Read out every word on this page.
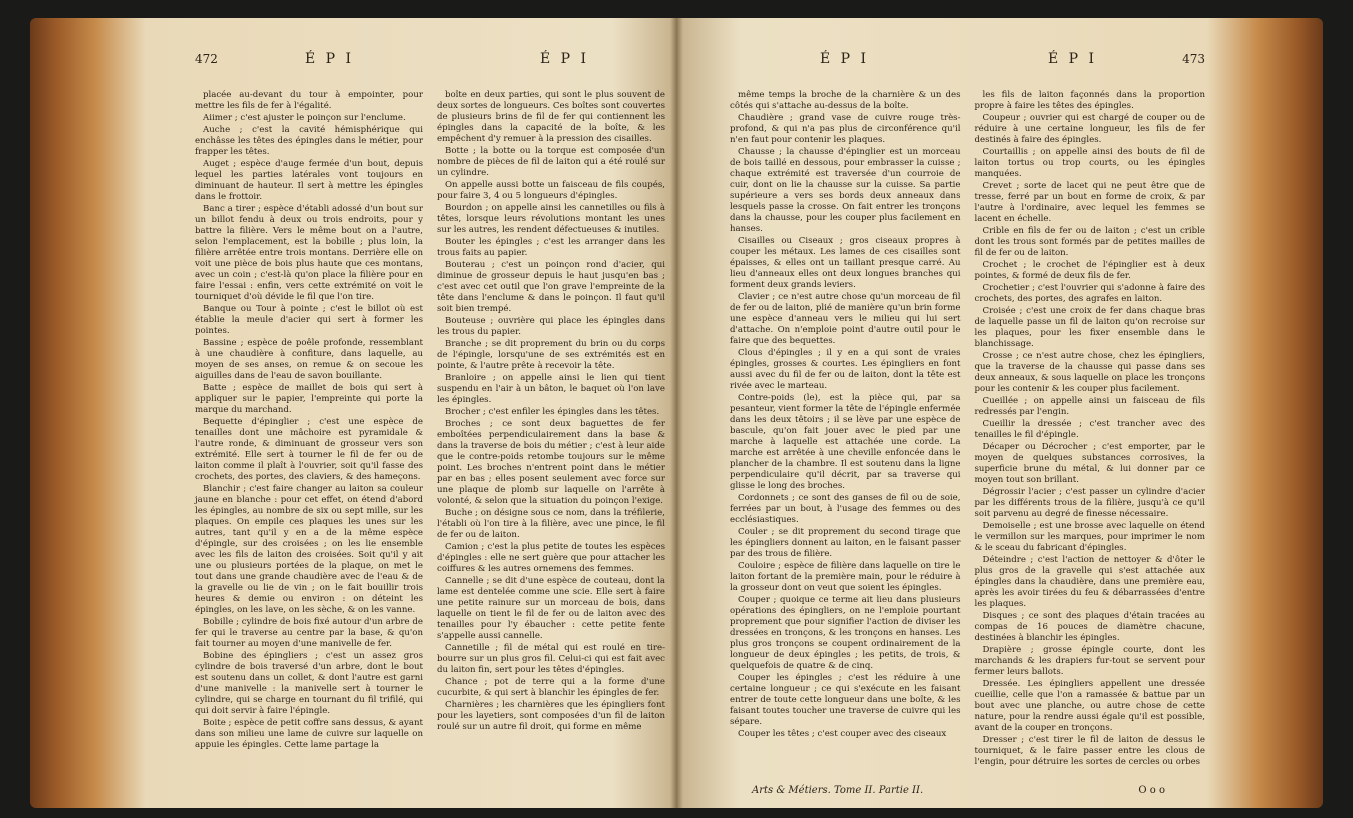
472	É P I	É P I

placée au-devant du tour à empointer, pour mettre les fils de fer à l'égalité.

Aiimer ; c'est ajuster le poinçon sur l'enclume.

Auche ; c'est la cavité hémisphérique qui enchâsse les têtes des épingles dans le métier, pour frapper les têtes.

Auget ; espèce d'auge fermée d'un bout, depuis lequel les parties latérales vont toujours en diminuant de hauteur. Il sert à mettre les épingles dans le frottoir.

Banc a tirer ; espèce d'établi adossé d'un bout sur un billot fendu à deux ou trois endroits, pour y battre la filière. Vers le même bout on a l'autre, selon l'emplacement, est la bobille ; plus loin, la filière arrêtée entre trois montans. Derrière elle on voit une pièce de bois plus haute que ces montans, avec un coin ; c'est-là qu'on place la filière pour en faire l'essai : enfin, vers cette extrémité on voit le tourniquet d'où dévide le fil que l'on tire.

Banque ou Tour à pointe ; c'est le billot où est établie la meule d'acier qui sert à former les pointes.

Bassine ; espèce de poêle profonde, ressemblant à une chaudière à confiture, dans laquelle, au moyen de ses anses, on remue & on secoue les aiguilles dans de l'eau de savon bouillante.

Batte ; espèce de maillet de bois qui sert à appliquer sur le papier, l'empreinte qui porte la marque du marchand.

Bequette d'épinglier ; c'est une espèce de tenailles dont une mâchoire est pyramidale & l'autre ronde, & diminuant de grosseur vers son extrémité. Elle sert à tourner le fil de fer ou de laiton comme il plaît à l'ouvrier, soit qu'il fasse des crochets, des portes, des claviers, & des hameçons.

Blanchir ; c'est faire changer au laiton sa couleur jaune en blanche : pour cet effet, on étend d'abord les épingles, au nombre de six ou sept mille, sur les plaques. On empile ces plaques les unes sur les autres, tant qu'il y en a de la même espèce d'épingle, sur des croisées ; on les lie ensemble avec les fils de laiton des croisées. Soit qu'il y ait une ou plusieurs portées de la plaque, on met le tout dans une grande chaudière avec de l'eau & de la gravelle ou lie de vin ; on le fait bouillir trois heures & demie ou environ : on déteint les épingles, on les lave, on les sèche, & on les vanne.

Bobille ; cylindre de bois fixé autour d'un arbre de fer qui le traverse au centre par la base, & qu'on fait tourner au moyen d'une manivelle de fer.

Bobine des épingliers ; c'est un assez gros cylindre de bois traversé d'un arbre, dont le bout est soutenu dans un collet, & dont l'autre est garni d'une manivelle : la manivelle sert à tourner le cylindre, qui se charge en tournant du fil trifilé, qui qui doit servir à faire l'épingle.

Boite ; espèce de petit coffre sans dessus, & ayant dans son milieu une lame de cuivre sur laquelle on appuie les épingles. Cette lame partage la

boîte en deux parties, qui sont le plus souvent de deux sortes de longueurs. Ces boîtes sont couvertes de plusieurs brins de fil de fer qui contiennent les épingles dans la capacité de la boîte, & les empêchent d'y remuer à la pression des cisailles.

Botte ; la botte ou la torque est composée d'un nombre de pièces de fil de laiton qui a été roulé sur un cylindre.

On appelle aussi botte un faisceau de fils coupés, pour faire 3, 4 ou 5 longueurs d'épingles.

Bourdon ; on appelle ainsi les cannetilles ou fils à têtes, lorsque leurs révolutions montant les unes sur les autres, les rendent défectueuses & inutiles.

Bouter les épingles ; c'est les arranger dans les trous faits au papier.

Bouterau ; c'est un poinçon rond d'acier, qui diminue de grosseur depuis le haut jusqu'en bas ; c'est avec cet outil que l'on grave l'empreinte de la tête dans l'enclume & dans le poinçon. Il faut qu'il soit bien trempé.

Bouteuse ; ouvrière qui place les épingles dans les trous du papier.

Branche ; se dit proprement du brin ou du corps de l'épingle, lorsqu'une de ses extrémités est en pointe, & l'autre prête à recevoir la tête.

Branloire ; on appelle ainsi le lien qui tient suspendu en l'air à un bâton, le baquet où l'on lave les épingles.

Brocher ; c'est enfiler les épingles dans les têtes.

Broches ; ce sont deux baguettes de fer emboîtées perpendiculairement dans la base & dans la traverse de bois du métier ; c'est à leur aide que le contre-poids retombe toujours sur le même point. Les broches n'entrent point dans le métier par en bas ; elles posent seulement avec force sur une plaque de plomb sur laquelle on l'arrête à volonté, & selon que la situation du poinçon l'exige.

Buche ; on désigne sous ce nom, dans la tréfilerie, l'établi où l'on tire à la filière, avec une pince, le fil de fer ou de laiton.

Camion ; c'est la plus petite de toutes les espèces d'épingles : elle ne sert guère que pour attacher les coiffures & les autres ornemens des femmes.

Cannelle ; se dit d'une espèce de couteau, dont la lame est dentelée comme une scie. Elle sert à faire une petite rainure sur un morceau de bois, dans laquelle on tient le fil de fer ou de laiton avec des tenailles pour l'y ébaucher : cette petite fente s'appelle aussi cannelle.

Cannetille ; fil de métal qui est roulé en tire-bourre sur un plus gros fil. Celui-ci qui est fait avec du laiton fin, sert pour les têtes d'épingles.

Chance ; pot de terre qui a la forme d'une cucurbite, & qui sert à blanchir les épingles de fer.

Charnières ; les charnières que les épingliers font pour les layetiers, sont composées d'un fil de laiton roulé sur un autre fil droit, qui forme en même

É P I	É P I	473

même temps la broche de la charnière & un des côtés qui s'attache au-dessus de la boîte.

Chaudière ; grand vase de cuivre rouge très-profond, & qui n'a pas plus de circonférence qu'il n'en faut pour contenir les plaques.

Chausse ; la chausse d'épinglier est un morceau de bois taillé en dessous, pour embrasser la cuisse ; chaque extrémité est traversée d'un courroie de cuir, dont on lie la chausse sur la cuisse. Sa partie supérieure a vers ses bords deux anneaux dans lesquels passe la crosse. On fait entrer les tronçons dans la chausse, pour les couper plus facilement en hanses.

Cisailles ou Ciseaux ; gros ciseaux propres à couper les métaux. Les lames de ces cisailles sont épaisses, & elles ont un taillant presque carré. Au lieu d'anneaux elles ont deux longues branches qui forment deux grands leviers.

Clavier ; ce n'est autre chose qu'un morceau de fil de fer ou de laiton, plié de manière qu'un brin forme une espèce d'anneau vers le milieu qui lui sert d'attache. On n'emploie point d'autre outil pour le faire que des bequettes.

Clous d'épingles ; il y en a qui sont de vraies épingles, grosses & courtes. Les épingliers en font aussi avec du fil de fer ou de laiton, dont la tête est rivée avec le marteau.

Contre-poids (le), est la pièce qui, par sa pesanteur, vient former la tête de l'épingle enfermée dans les deux têtoirs ; il se lève par une espèce de bascule, qu'on fait jouer avec le pied par une marche à laquelle est attachée une corde. La marche est arrêtée à une cheville enfoncée dans le plancher de la chambre. Il est soutenu dans la ligne perpendiculaire qu'il décrit, par sa traverse qui glisse le long des broches.

Cordonnets ; ce sont des ganses de fil ou de soie, ferrées par un bout, à l'usage des femmes ou des ecclésiastiques.

Couler ; se dit proprement du second tirage que les épingliers donnent au laiton, en le faisant passer par des trous de filière.

Couloire ; espèce de filière dans laquelle on tire le laiton fortant de la première main, pour le réduire à la grosseur dont on veut que soient les épingles.

Couper ; quoique ce terme ait lieu dans plusieurs opérations des épingliers, on ne l'emploie pourtant proprement que pour signifier l'action de diviser les dressées en tronçons, & les tronçons en hanses. Les plus gros tronçons se coupent ordinairement de la longueur de deux épingles ; les petits, de trois, & quelquefois de quatre & de cinq.

Couper les épingles ; c'est les réduire à une certaine longueur ; ce qui s'exécute en les faisant entrer de toute cette longueur dans une boîte, & les faisant toutes toucher une traverse de cuivre qui les sépare.

Couper les têtes ; c'est couper avec des ciseaux

les fils de laiton façonnés dans la proportion propre à faire les têtes des épingles.

Coupeur ; ouvrier qui est chargé de couper ou de réduire à une certaine longueur, les fils de fer destinés à faire des épingles.

Courtaillis ; on appelle ainsi des bouts de fil de laiton tortus ou trop courts, ou les épingles manquées.

Crevet ; sorte de lacet qui ne peut être que de tresse, ferré par un bout en forme de croix, & par l'autre à l'ordinaire, avec lequel les femmes se lacent en échelle.

Crible en fils de fer ou de laiton ; c'est un crible dont les trous sont formés par de petites mailles de fil de fer ou de laiton.

Crochet ; le crochet de l'épinglier est à deux pointes, & formé de deux fils de fer.

Crochetier ; c'est l'ouvrier qui s'adonne à faire des crochets, des portes, des agrafes en laiton.

Croisée ; c'est une croix de fer dans chaque bras de laquelle passe un fil de laiton qu'on recroise sur les plaques, pour les fixer ensemble dans le blanchissage.

Crosse ; ce n'est autre chose, chez les épingliers, que la traverse de la chausse qui passe dans ses deux anneaux, & sous laquelle on place les tronçons pour les contenir & les couper plus facilement.

Cueillée ; on appelle ainsi un faisceau de fils redressés par l'engin.

Cueillir la dressée ; c'est trancher avec des tenailles le fil d'épingle.

Décaper ou Décrocher ; c'est emporter, par le moyen de quelques substances corrosives, la superficie brune du métal, & lui donner par ce moyen tout son brillant.

Dégrossir l'acier ; c'est passer un cylindre d'acier par les différents trous de la filière, jusqu'à ce qu'il soit parvenu au degré de finesse nécessaire.

Demoiselle ; est une brosse avec laquelle on étend le vermillon sur les marques, pour imprimer le nom & le sceau du fabricant d'épingles.

Déteindre ; c'est l'action de nettoyer & d'ôter le plus gros de la gravelle qui s'est attachée aux épingles dans la chaudière, dans une première eau, après les avoir tirées du feu & débarrassées d'entre les plaques.

Disques ; ce sont des plaques d'étain tracées au compas de 16 pouces de diamètre chacune, destinées à blanchir les épingles.

Drapière ; grosse épingle courte, dont les marchands & les drapiers fur-tout se servent pour fermer leurs ballots.

Dressée. Les épingliers appellent une dressée cueillie, celle que l'on a ramassée & battue par un bout avec une planche, ou autre chose de cette nature, pour la rendre aussi égale qu'il est possible, avant de la couper en tronçons.

Dresser ; c'est tirer le fil de laiton de dessus le tourniquet, & le faire passer entre les clous de l'engin, pour détruire les sortes de cercles ou orbes

Arts & Métiers. Tome II. Partie II.	O o o
